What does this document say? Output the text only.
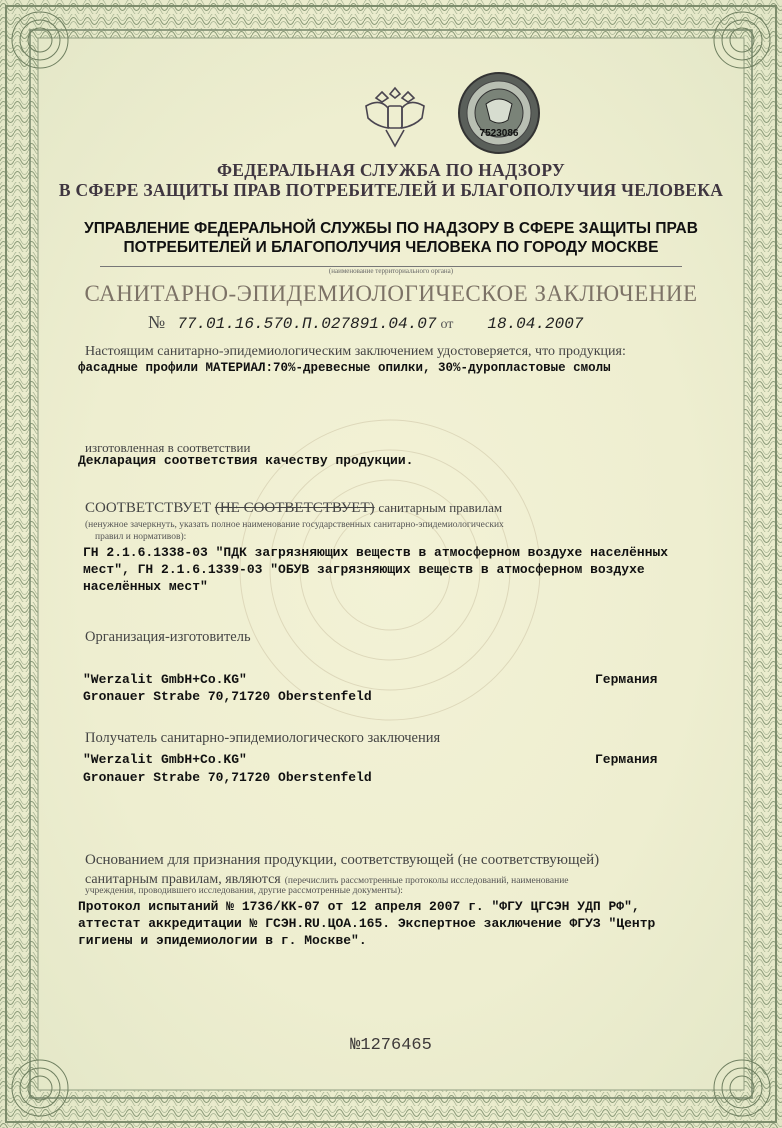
7523086
ФЕДЕРАЛЬНАЯ СЛУЖБА ПО НАДЗОРУ
В СФЕРЕ ЗАЩИТЫ ПРАВ ПОТРЕБИТЕЛЕЙ И БЛАГОПОЛУЧИЯ ЧЕЛОВЕКА
УПРАВЛЕНИЕ ФЕДЕРАЛЬНОЙ СЛУЖБЫ ПО НАДЗОРУ В СФЕРЕ ЗАЩИТЫ ПРАВ
ПОТРЕБИТЕЛЕЙ И БЛАГОПОЛУЧИЯ ЧЕЛОВЕКА ПО ГОРОДУ МОСКВЕ
(наименование территориального органа)
САНИТАРНО-ЭПИДЕМИОЛОГИЧЕСКОЕ ЗАКЛЮЧЕНИЕ
№ 77.01.16.570.П.027891.04.07 от 18.04.2007
Настоящим санитарно-эпидемиологическим заключением удостоверяется, что продукция:
фасадные профили МАТЕРИАЛ:70%-древесные опилки, 30%-дуропластовые смолы
изготовленная в соответствии
Декларация соответствия качеству продукции.
СООТВЕТСТВУЕТ (НЕ СООТВЕТСТВУЕТ) санитарным правилам
(ненужное зачеркнуть, указать полное наименование государственных санитарно-эпидемиологических
правил и нормативов):
ГН 2.1.6.1338-03 "ПДК загрязняющих веществ в атмосферном воздухе населённых
мест", ГН 2.1.6.1339-03 "ОБУВ загрязняющих веществ в атмосферном воздухе
населённых мест"
Организация-изготовитель
"Werzalit GmbH+Co.KG"
Gronauer Strabe 70,71720 Oberstenfeld
Германия
Получатель санитарно-эпидемиологического заключения
"Werzalit GmbH+Co.KG"
Gronauer Strabe 70,71720 Oberstenfeld
Германия
Основанием для признания продукции, соответствующей (не соответствующей)
санитарным правилам, являются (перечислить рассмотренные протоколы исследований, наименование
учреждения, проводившего исследования, другие рассмотренные документы):
Протокол испытаний № 1736/КК-07 от 12 апреля 2007 г. "ФГУ ЦГСЭН УДП РФ",
аттестат аккредитации № ГСЭН.RU.ЦОА.165. Экспертное заключение ФГУЗ "Центр
гигиены и эпидемиологии в г. Москве".
№1276465
